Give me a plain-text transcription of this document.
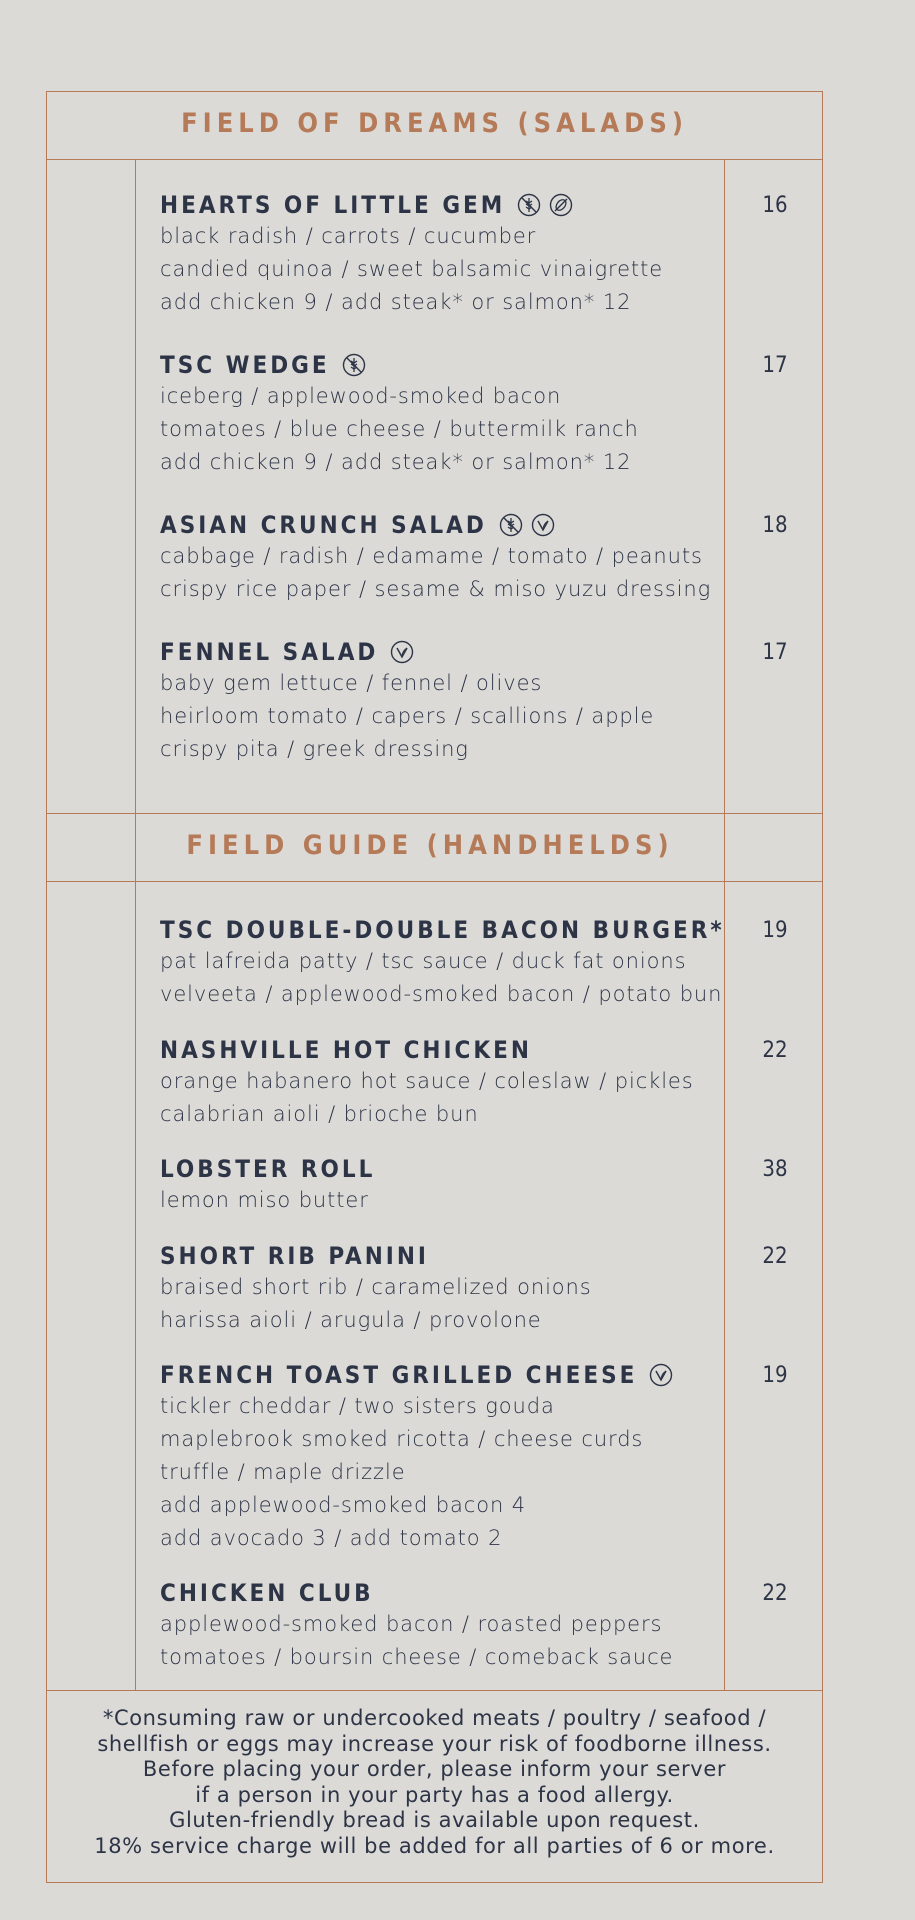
FIELD OF DREAMS (SALADS)
FIELD GUIDE (HANDHELDS)
HEARTS OF LITTLE GEM
black radish / carrots / cucumber
candied quinoa / sweet balsamic vinaigrette
add chicken 9 / add steak* or salmon* 12
16
TSC WEDGE
iceberg / applewood-smoked bacon
tomatoes / blue cheese / buttermilk ranch
add chicken 9 / add steak* or salmon* 12
17
ASIAN CRUNCH SALAD
cabbage / radish / edamame / tomato / peanuts
crispy rice paper / sesame & miso yuzu dressing
18
FENNEL SALAD
baby gem lettuce / fennel / olives
heirloom tomato / capers / scallions / apple
crispy pita / greek dressing
17
TSC DOUBLE-DOUBLE BACON BURGER*
pat lafreida patty / tsc sauce / duck fat onions
velveeta / applewood-smoked bacon / potato bun
19
NASHVILLE HOT CHICKEN
orange habanero hot sauce / coleslaw / pickles
calabrian aioli / brioche bun
22
LOBSTER ROLL
lemon miso butter
38
SHORT RIB PANINI
braised short rib / caramelized onions
harissa aioli / arugula / provolone
22
FRENCH TOAST GRILLED CHEESE
tickler cheddar / two sisters gouda
maplebrook smoked ricotta / cheese curds
truffle / maple drizzle
add applewood-smoked bacon 4
add avocado 3 / add tomato 2
19
CHICKEN CLUB
applewood-smoked bacon / roasted peppers
tomatoes / boursin cheese / comeback sauce
22
*Consuming raw or undercooked meats / poultry / seafood /
shellfish or eggs may increase your risk of foodborne illness.
Before placing your order, please inform your server
if a person in your party has a food allergy.
Gluten-friendly bread is available upon request.
18% service charge will be added for all parties of 6 or more.
